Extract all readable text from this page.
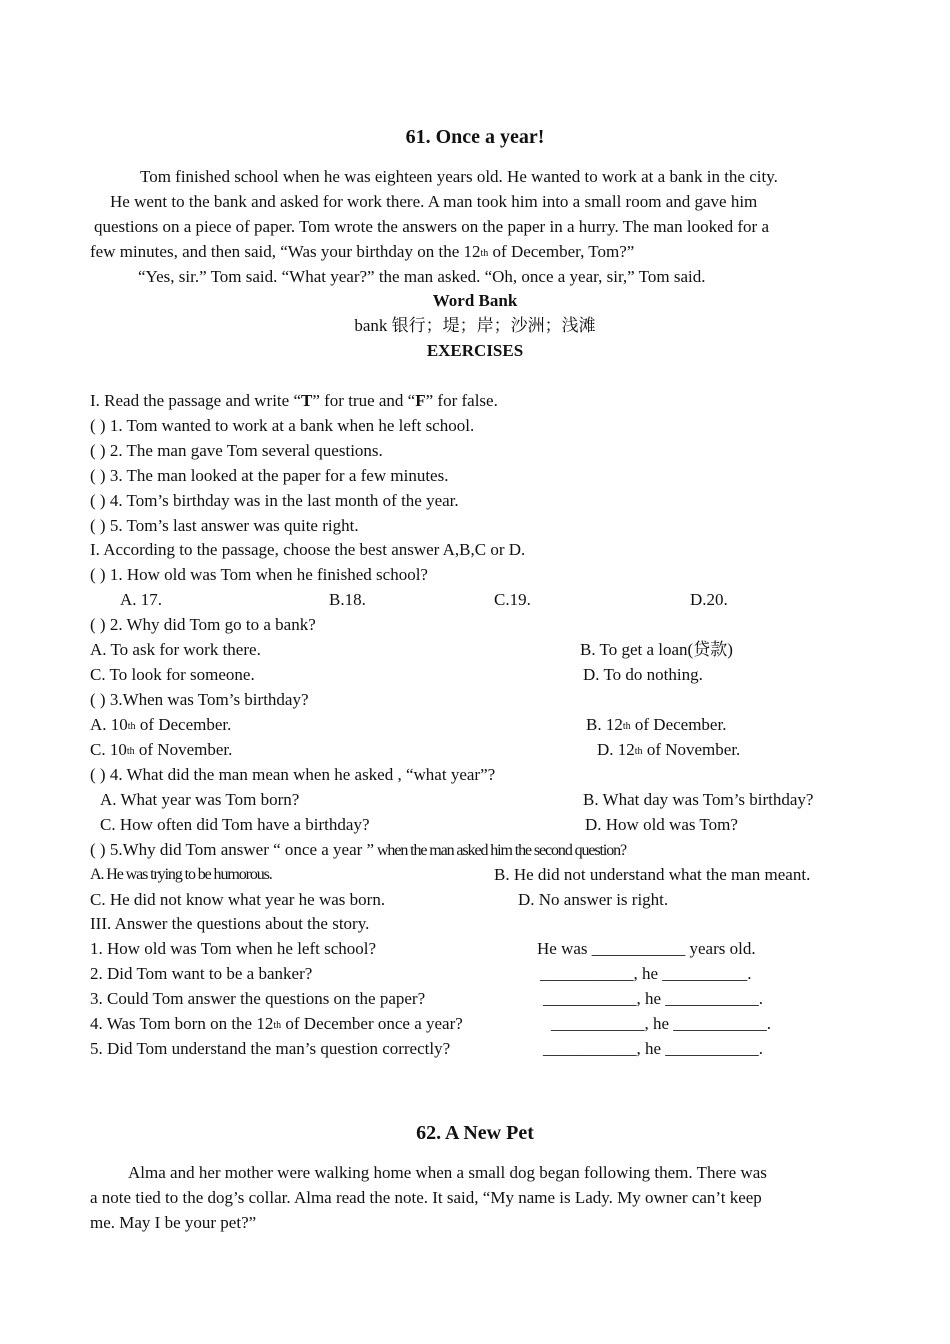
61. Once a year!
Tom finished school when he was eighteen years old. He wanted to work at a bank in the city.
He went to the bank and asked for work there. A man took him into a small room and gave him
questions on a piece of paper. Tom wrote the answers on the paper in a hurry. The man looked for a
few minutes, and then said, “Was your birthday on the 12th of December, Tom?”
“Yes, sir.” Tom said. “What year?” the man asked. “Oh, once a year, sir,” Tom said.
Word Bank
bank 银行；堤；岸；沙洲；浅滩
EXERCISES
I. Read the passage and write “T” for true and “F” for false.
( ) 1. Tom wanted to work at a bank when he left school.
( ) 2. The man gave Tom several questions.
( ) 3. The man looked at the paper for a few minutes.
( ) 4. Tom’s birthday was in the last month of the year.
( ) 5. Tom’s last answer was quite right.
I. According to the passage, choose the best answer A,B,C or D.
( ) 1. How old was Tom when he finished school?
A. 17.	B.18.	C.19.	D.20.
( ) 2. Why did Tom go to a bank?
A. To ask for work there.	B. To get a loan(贷款)
C. To look for someone.	D. To do nothing.
( ) 3.When was Tom’s birthday?
A. 10th of December.	B. 12th of December.
C. 10th of November.	D. 12th of November.
( ) 4. What did the man mean when he asked , “what year”?
A. What year was Tom born?	B. What day was Tom’s birthday?
C. How often did Tom have a birthday?	D. How old was Tom?
( ) 5.Why did Tom answer “ once a year ” when the man asked him the second question?
A. He was trying to be humorous.	B. He did not understand what the man meant.
C. He did not know what year he was born.	D. No answer is right.
III. Answer the questions about the story.
1. How old was Tom when he left school?	He was ___________ years old.
2. Did Tom want to be a banker?	___________, he __________.
3. Could Tom answer the questions on the paper?	___________, he ___________.
4. Was Tom born on the 12th of December once a year?	___________, he ___________.
5. Did Tom understand the man’s question correctly?	___________, he ___________.
62. A New Pet
Alma and her mother were walking home when a small dog began following them. There was
a note tied to the dog’s collar. Alma read the note. It said, “My name is Lady. My owner can’t keep
me. May I be your pet?”
